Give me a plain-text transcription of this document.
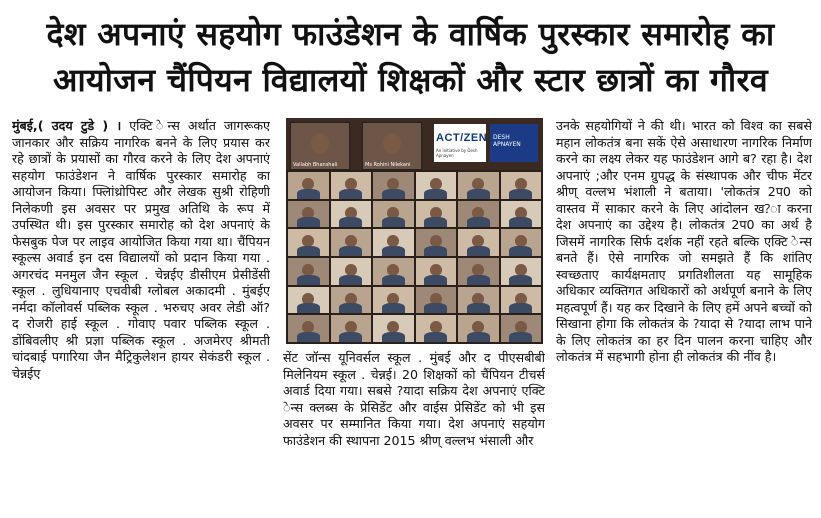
देश अपनाएं सहयोग फाउंडेशन के वार्षिक पुरस्कार समारोह का
आयोजन चैंपियन विद्यालयों शिक्षकों और स्टार छात्रों का गौरव
मुंबई,( उदय टुडे ) । एक्टि ेन्स अर्थात जागरूकए जानकार और सक्रिय नागरिक बनने के लिए प्रयास कर रहे छात्रों के प्रयासों का गौरव करने के लिए देश अपनाएं सहयोग फाउंडेशन ने वार्षिक पुरस्कार समारोह का आयोजन किया। फ्लिांथ्रोपिस्ट और लेखक सुश्री रोहिणी निलेकणी इस अवसर पर प्रमुख अतिथि के रूप में उपस्थित थी। इस पुरस्कार समारोह को देश अपनाएं के फेसबुक पेज पर लाइव आयोजित किया गया था। चैंपियन स्कूल्स अवार्ड इन दस विद्यालयों को प्रदान किया गया . अगरचंद मनमुल जैन स्कूल . चेन्नईए डीसीएम प्रेसीडेंसी स्कूल . लुधियानाए एचवीबी ग्लोबल अकादमी . मुंबईए नर्मदा कॉलोवर्स पब्लिक स्कूल . भरुचए अवर लेडी ऑ? द रोजरी हाई स्कूल . गोवाए पवार पब्लिक स्कूल . डोंबिवलीए श्री प्रज्ञा पब्लिक स्कूल . अजमेरए श्रीमती चांदबाई पगारिया जैन मैट्रिकुलेशन हायर सेकंडरी स्कूल . चेन्नईए
Vallabh Bhanshali	Ms Rohini Nilekani
ACT/ZEN
An initiative by Desh Apnayen
DESH APNAYEN
सेंट जॉन्स यूनिवर्सल स्कूल . मुंबई और द पीएसबीबी मिलेनियम स्कूल . चेन्नई। 20 शिक्षकों को चैंपियन टीचर्स अवार्ड दिया गया। सबसे ?यादा सक्रिय देश अपनाएं एक्टि ेन्स क्लब्स के प्रेसिडेंट और वाईस प्रेसिडेंट को भी इस अवसर पर सम्मानित किया गया। देश अपनाएं सहयोग फाउंडेशन की स्थापना 2015 श्रीण् वल्लभ भंसाली और
उनके सहयोगियों ने की थी। भारत को विश्व का सबसे महान लोकतंत्र बना सकें ऐसे असाधारण नागरिक निर्माण करने का लक्ष्य लेकर यह फाउंडेशन आगे ब? रहा है। देश अपनाएं ;और एनम ग्रुपद्ध के संस्थापक और चीफ मेंटर श्रीण् वल्लभ भंशाली ने बताया। 'लोकतंत्र 2प0 को वास्तव में साकार करने के लिए आंदोलन ख?ा करना देश अपनाएं का उद्देश्य है। लोकतंत्र 2प0 का अर्थ है जिसमें नागरिक सिर्फ दर्शक नहीं रहते बल्कि एक्टि ेन्स बनते हैं। ऐसे नागरिक जो समझते हैं कि शांतिए स्वच्छताए कार्यक्षमताए प्रगतिशीलता यह सामूहिक अधिकार व्यक्तिगत अधिकारों को अर्थपूर्ण बनाने के लिए महत्वपूर्ण हैं। यह कर दिखाने के लिए हमें अपने बच्चों को सिखाना होगा कि लोकतंत्र के ?यादा से ?यादा लाभ पाने के लिए लोकतंत्र का हर दिन पालन करना चाहिए और लोकतंत्र में सहभागी होना ही लोकतंत्र की नींव है।
